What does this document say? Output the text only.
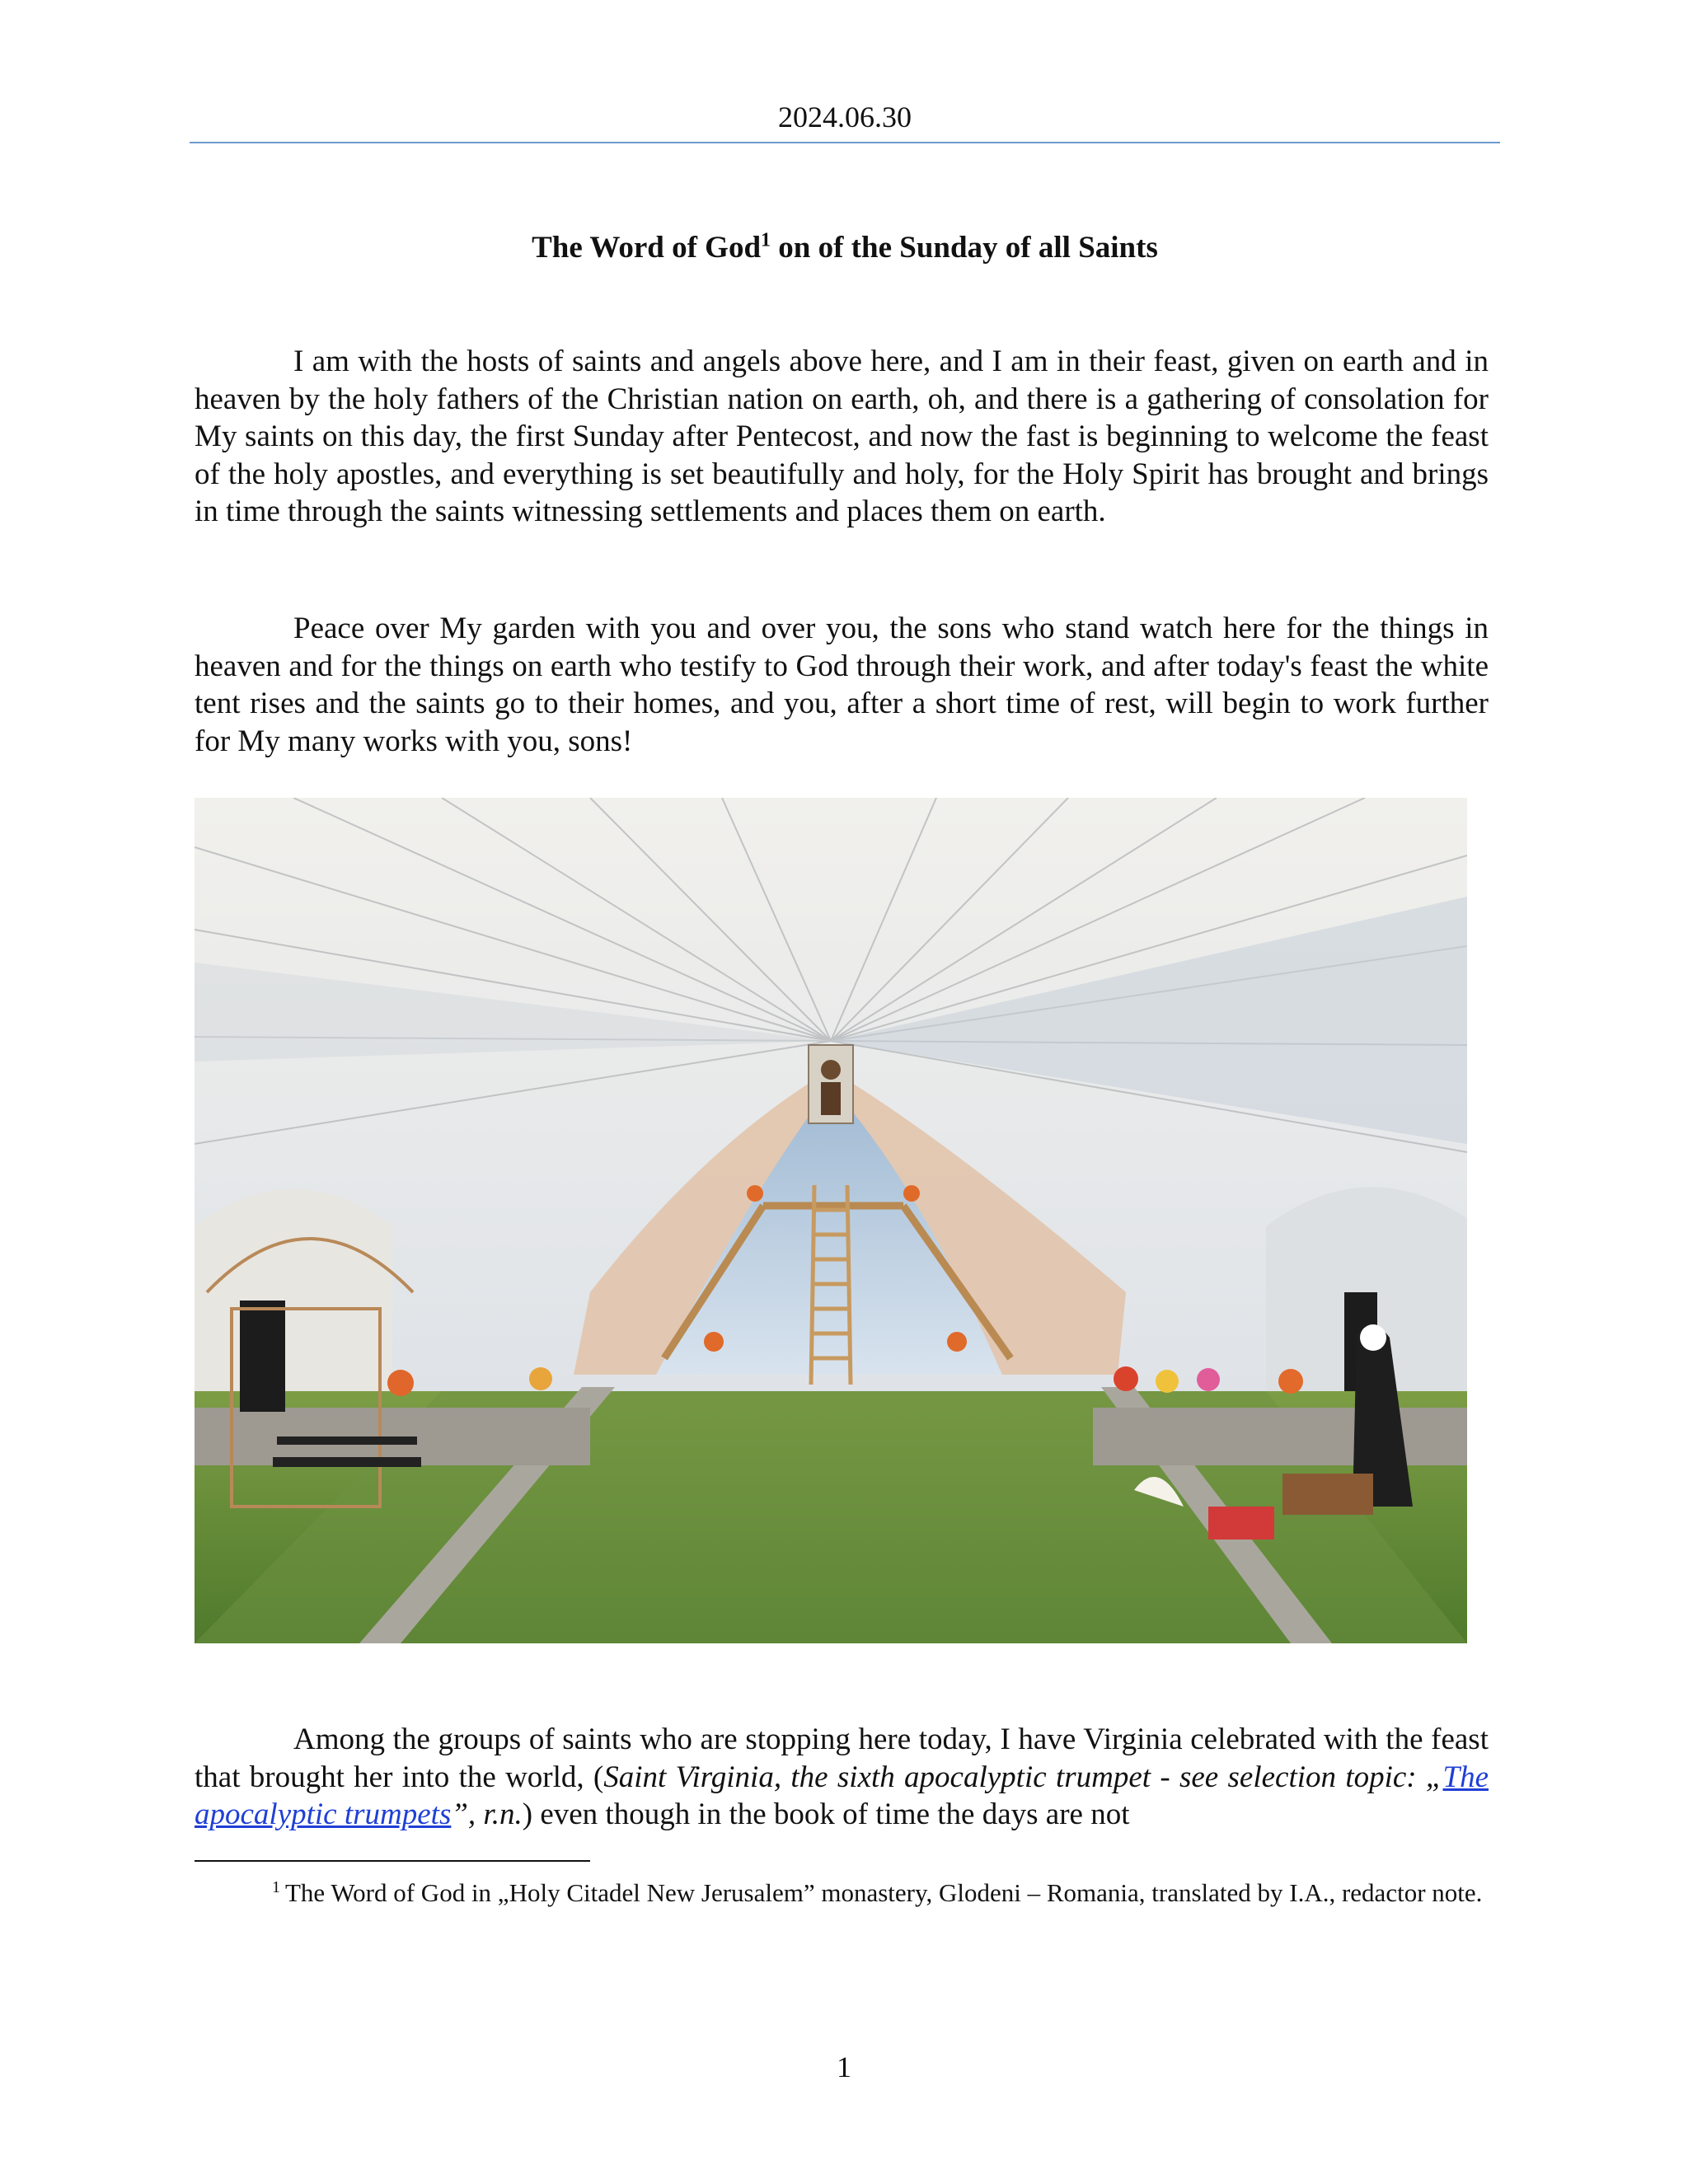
2024.06.30
The Word of God$^1$ on of the Sunday of all Saints

I am with the hosts of saints and angels above here, and I am in their feast, given on earth and in heaven by the holy fathers of the Christian nation on earth, oh, and there is a gathering of consolation for My saints on this day, the first Sunday after Pentecost, and now the fast is beginning to welcome the feast of the holy apostles, and everything is set beautifully and holy, for the Holy Spirit has brought and brings in time through the saints witnessing settlements and places them on earth.

Peace over My garden with you and over you, the sons who stand watch here for the things in heaven and for the things on earth who testify to God through their work, and after today's feast the white tent rises and the saints go to their homes, and you, after a short time of rest, will begin to work further for My many works with you, sons!

Among the groups of saints who are stopping here today, I have Virginia celebrated with the feast that brought her into the world, (Saint Virginia, the sixth apocalyptic trumpet - see selection topic: „The apocalyptic trumpets”, r.n.) even though in the book of time the days are not

$^1$ The Word of God in „Holy Citadel New Jerusalem” monastery, Glodeni – Romania, translated by I.A., redactor note.

1
